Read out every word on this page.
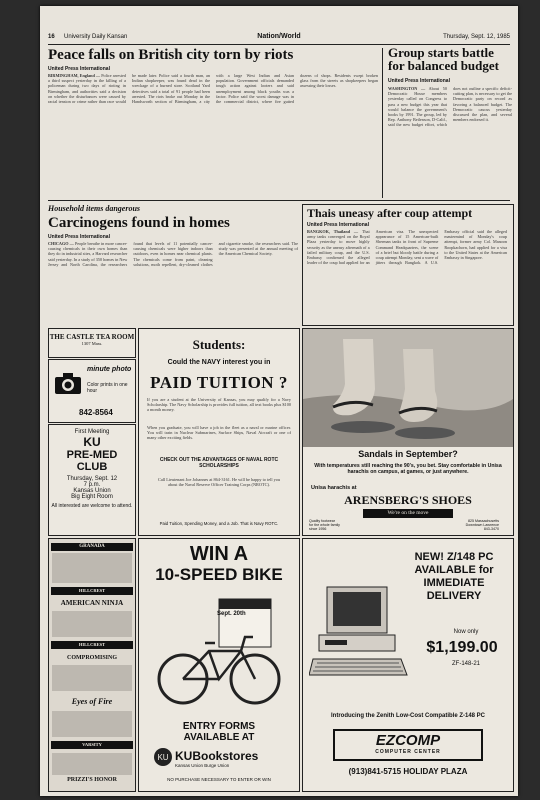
16 University Daily Kansan	Nation/World	Thursday, Sept. 12, 1985
Peace falls on British city torn by riots
United Press International
BIRMINGHAM, England — Police arrested a third suspect yesterday in the killing of a policeman during two days of rioting in Birmingham, and authorities said a decision on whether the disturbances were caused by racial tension or crime rather than race would be made later. Police said a fourth man, an Indian shopkeeper, was found dead in the wreckage of a burned store. Scotland Yard detectives said a total of 91 people had been arrested. The riots broke out Monday in the Handsworth section of Birmingham, a city with a large West Indian and Asian population. Government officials demanded tough action against looters and said unemployment among black youths was a factor. Police said the worst damage was in the commercial district, where fire gutted dozens of shops. Residents swept broken glass from the streets as shopkeepers began assessing their losses.
Group starts battle for balanced budget
United Press International
WASHINGTON — About 50 Democratic House members yesterday called on Congress to pass a new budget this year that would balance the government's books by 1991. The group, led by Rep. Anthony Beilenson, D-Calif., said the new budget effort, which does not outline a specific deficit-cutting plan, is necessary to get the Democratic party on record as favoring a balanced budget. The Democratic caucus yesterday discussed the plan, and several members endorsed it.
Household items dangerous
Carcinogens found in homes
United Press International
CHICAGO — People breathe in more cancer-causing chemicals in their own homes than they do in industrial sites, a Harvard researcher said yesterday. In a study of 350 homes in New Jersey and North Carolina, the researchers found that levels of 11 potentially cancer-causing chemicals were higher indoors than outdoors, even in homes near chemical plants. The chemicals come from paint, cleaning solutions, moth repellent, dry-cleaned clothes and cigarette smoke, the researchers said. The study was presented at the annual meeting of the American Chemical Society.
Thais uneasy after coup attempt
United Press International
BANGKOK, Thailand — Thai army tanks converged on the Royal Plaza yesterday to move highly security as the uneasy aftermath of a failed military coup, and the U.S. Embassy confirmed the alleged leader of the coup had applied for an American visa. The unexpected appearance of 15 American-built Sherman tanks in front of Supreme Command Headquarters, the scene of a brief but bloody battle during a coup attempt Monday, sent a wave of jitters through Bangkok. A U.S. Embassy official said the alleged mastermind of Monday's coup attempt, former army Col. Manoon Roopkachorn, had applied for a visa to the United States at the American Embassy in Singapore.
THE CASTLE TEA ROOM
1307 Mass.
minute photo
Color prints in one hour
842-8564
First Meeting
KU
PRE-MED
CLUB
Thursday, Sept. 12
7 p.m.
Kansas Union
Big Eight Room
All interested are welcome to attend.
Students:
Could the NAVY interest you in
PAID TUITION ?
If you are a student at the University of Kansas, you may qualify for a Navy Scholarship. The Navy Scholarship is provides full tuition, all text books plus $100 a month money.
When you graduate, you will have a job in the fleet as a naval or marine officer. You will train in Nuclear Submarines, Surface Ships, Naval Aircraft or one of many other exciting fields.
CHECK OUT THE ADVANTAGES OF NAVAL ROTC SCHOLARSHIPS
Call Lieutenant Joe Johannes at 864-3161. He will be happy to tell you about the Naval Reserve Officer Training Corps (NROTC).
Paid Tuition, Spending Money, and a Job. That is Navy ROTC.
Sandals in September?
With temperatures still reaching the 90's, you bet. Stay comfortable in Unisa harachis on campus, at games, or just anywhere.
Unisa harachis at
ARENSBERG'S SHOES
We're on the move
Quality footwear
for the whole family
since 1956
825 Massachusetts
Downtown Lawrence
843-3470
GRANADA
HILLCREST
AMERICAN NINJA
HILLCREST
COMPROMISING
Eyes of Fire
VARSITY
PRIZZI'S HONOR
WIN A
10-SPEED BIKE
Sept. 20th
ENTRY FORMS AVAILABLE AT
KU KUBookstores
Kansas Union Burge Union
NO PURCHASE NECESSARY TO ENTER OR WIN
NEW! Z/148 PC
AVAILABLE for
IMMEDIATE
DELIVERY
Now only
$1,199.00
ZF-148-21
Introducing the Zenith Low-Cost Compatible Z-148 PC
EZCOMP
COMPUTER CENTER
(913)841-5715 HOLIDAY PLAZA
